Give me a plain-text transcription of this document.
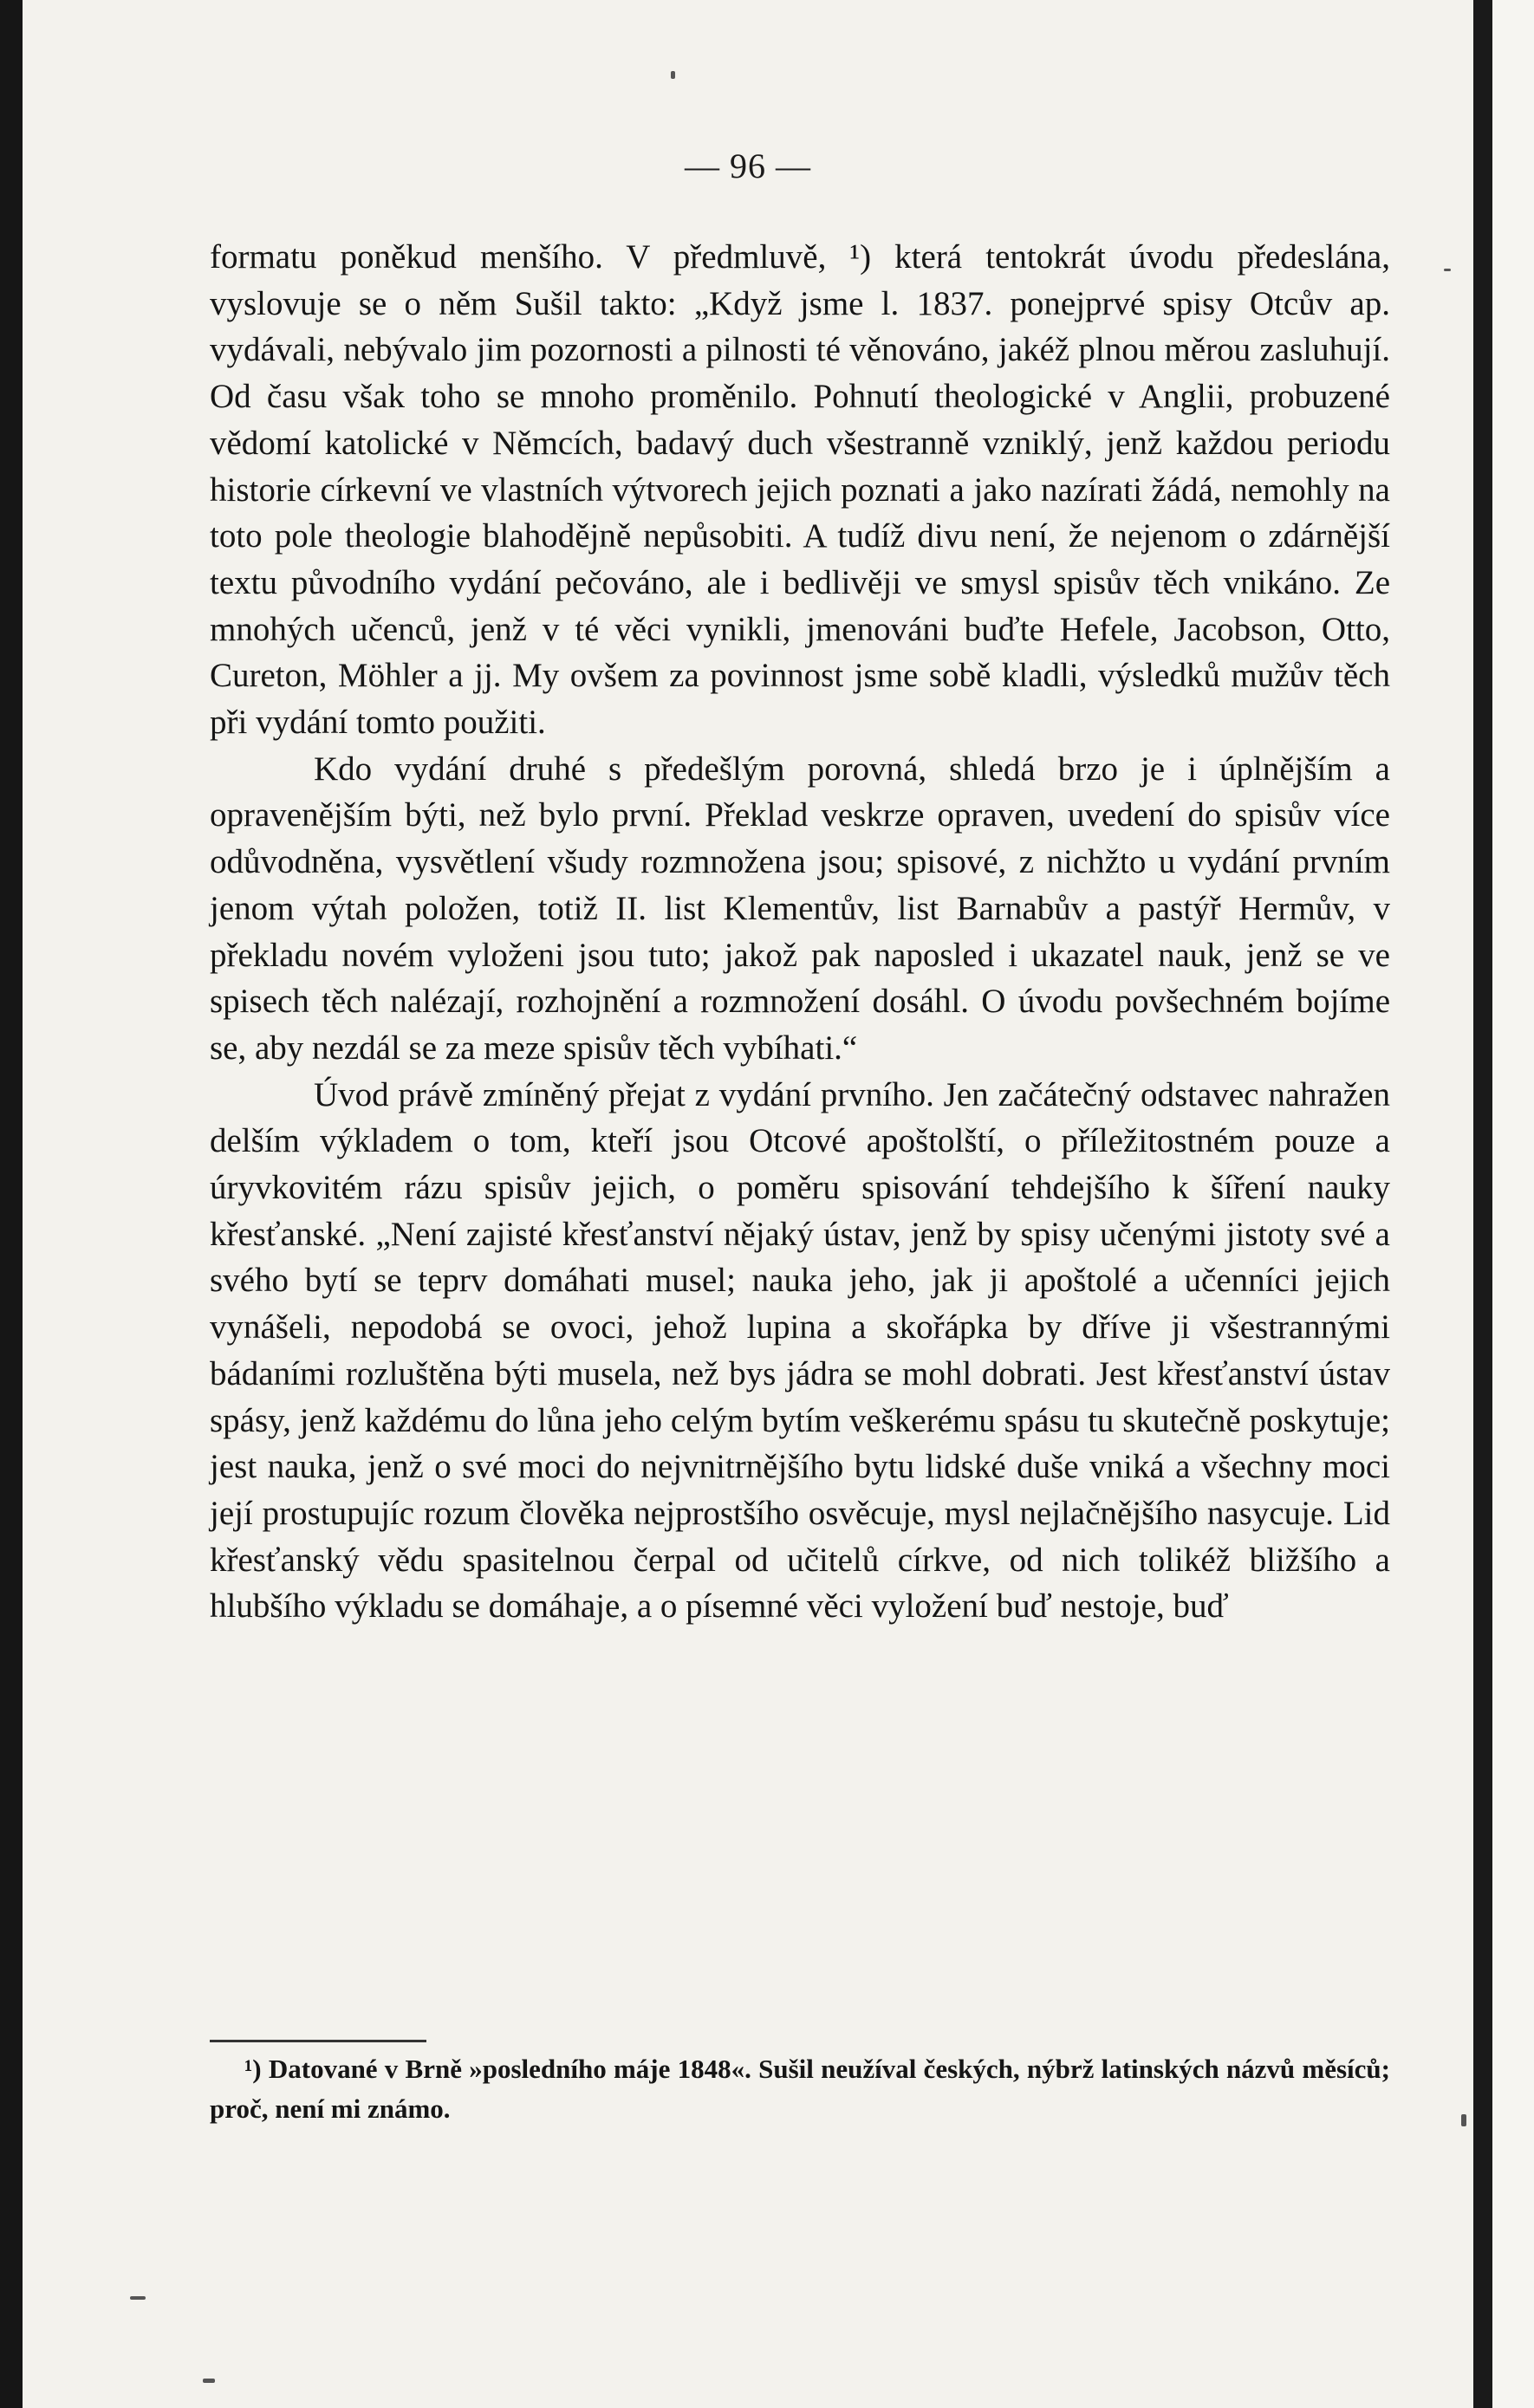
— 96 —

formatu poněkud menšího. V předmluvě, ¹) která tentokrát úvodu předeslána, vyslovuje se o něm Sušil takto: „Když jsme l. 1837. ponejprvé spisy Otcův ap. vydávali, nebývalo jim pozornosti a pilnosti té věnováno, jakéž plnou měrou zasluhují. Od času však toho se mnoho proměnilo. Pohnutí theologické v Anglii, probuzené vědomí katolické v Němcích, badavý duch všestranně vzniklý, jenž každou periodu historie církevní ve vlastních výtvorech jejich poznati a jako nazírati žádá, nemohly na toto pole theologie blahodějně nepůsobiti. A tudíž divu není, že nejenom o zdárnější textu původního vydání pečováno, ale i bedlivěji ve smysl spisův těch vnikáno. Ze mnohých učenců, jenž v té věci vynikli, jmenováni buďte Hefele, Jacobson, Otto, Cureton, Möhler a jj. My ovšem za povinnost jsme sobě kladli, výsledků mužův těch při vydání tomto použiti.

Kdo vydání druhé s předešlým porovná, shledá brzo je i úplnějším a opravenějším býti, než bylo první. Překlad veskrze opraven, uvedení do spisův více odůvodněna, vysvětlení všudy rozmnožena jsou; spisové, z nichžto u vydání prvním jenom výtah položen, totiž II. list Klementův, list Barnabův a pastýř Hermův, v překladu novém vyloženi jsou tuto; jakož pak naposled i ukazatel nauk, jenž se ve spisech těch nalézají, rozhojnění a rozmnožení dosáhl. O úvodu povšechném bojíme se, aby nezdál se za meze spisův těch vybíhati.“

Úvod právě zmíněný přejat z vydání prvního. Jen začátečný odstavec nahražen delším výkladem o tom, kteří jsou Otcové apoštolští, o příležitostném pouze a úryvkovitém rázu spisův jejich, o poměru spisování tehdejšího k šíření nauky křesťanské. „Není zajisté křesťanství nějaký ústav, jenž by spisy učenými jistoty své a svého bytí se teprv domáhati musel; nauka jeho, jak ji apoštolé a učenníci jejich vynášeli, nepodobá se ovoci, jehož lupina a skořápka by dříve ji všestrannými bádaními rozluštěna býti musela, než bys jádra se mohl dobrati. Jest křesťanství ústav spásy, jenž každému do lůna jeho celým bytím veškerému spásu tu skutečně poskytuje; jest nauka, jenž o své moci do nejvnitrnějšího bytu lidské duše vniká a všechny moci její prostupujíc rozum člověka nejprostšího osvěcuje, mysl nejlačnějšího nasycuje. Lid křesťanský vědu spasitelnou čerpal od učitelů církve, od nich tolikéž bližšího a hlubšího výkladu se domáhaje, a o písemné věci vyložení buď nestoje, buď

¹) Datované v Brně »posledního máje 1848«. Sušil neužíval českých, nýbrž latinských názvů měsíců; proč, není mi známo.
